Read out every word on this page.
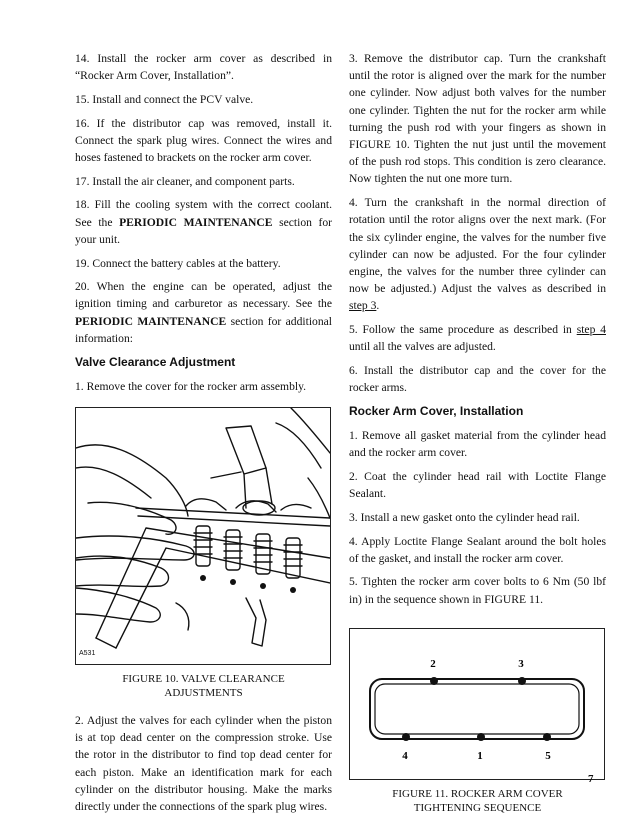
14. Install the rocker arm cover as described in “Rocker Arm Cover, Installation”.

15. Install and connect the PCV valve.

16. If the distributor cap was removed, install it. Connect the spark plug wires. Connect the wires and hoses fastened to brackets on the rocker arm cover.

17. Install the air cleaner, and component parts.

18. Fill the cooling system with the correct coolant. See the PERIODIC MAINTENANCE section for your unit.

19. Connect the battery cables at the battery.

20. When the engine can be operated, adjust the ignition timing and carburetor as necessary. See the PERIODIC MAINTENANCE section for additional information:

Valve Clearance Adjustment

1. Remove the cover for the rocker arm assembly.

A531
FIGURE 10. VALVE CLEARANCE
ADJUSTMENTS

2. Adjust the valves for each cylinder when the piston is at top dead center on the compression stroke. Use the rotor in the distributor to find top dead center for each piston. Make an identification mark for each cylinder on the distributor housing. Make the marks directly under the connections of the spark plug wires.

3. Remove the distributor cap. Turn the crankshaft until the rotor is aligned over the mark for the number one cylinder. Now adjust both valves for the number one cylinder. Tighten the nut for the rocker arm while turning the push rod with your fingers as shown in FIGURE 10. Tighten the nut just until the movement of the push rod stops. This condition is zero clearance. Now tighten the nut one more turn.

4. Turn the crankshaft in the normal direction of rotation until the rotor aligns over the next mark. (For the six cylinder engine, the valves for the number five cylinder can now be adjusted. For the four cylinder engine, the valves for the number three cylinder can now be adjusted.) Adjust the valves as described in step 3.

5. Follow the same procedure as described in step 4 until all the valves are adjusted.

6. Install the distributor cap and the cover for the rocker arms.

Rocker Arm Cover, Installation

1. Remove all gasket material from the cylinder head and the rocker arm cover.

2. Coat the cylinder head rail with Loctite Flange Sealant.

3. Install a new gasket onto the cylinder head rail.

4. Apply Loctite Flange Sealant around the bolt holes of the gasket, and install the rocker arm cover.

5. Tighten the rocker arm cover bolts to 6 Nm (50 lbf in) in the sequence shown in FIGURE 11.

2	3
4	1	5
FIGURE 11. ROCKER ARM COVER
TIGHTENING SEQUENCE
7
